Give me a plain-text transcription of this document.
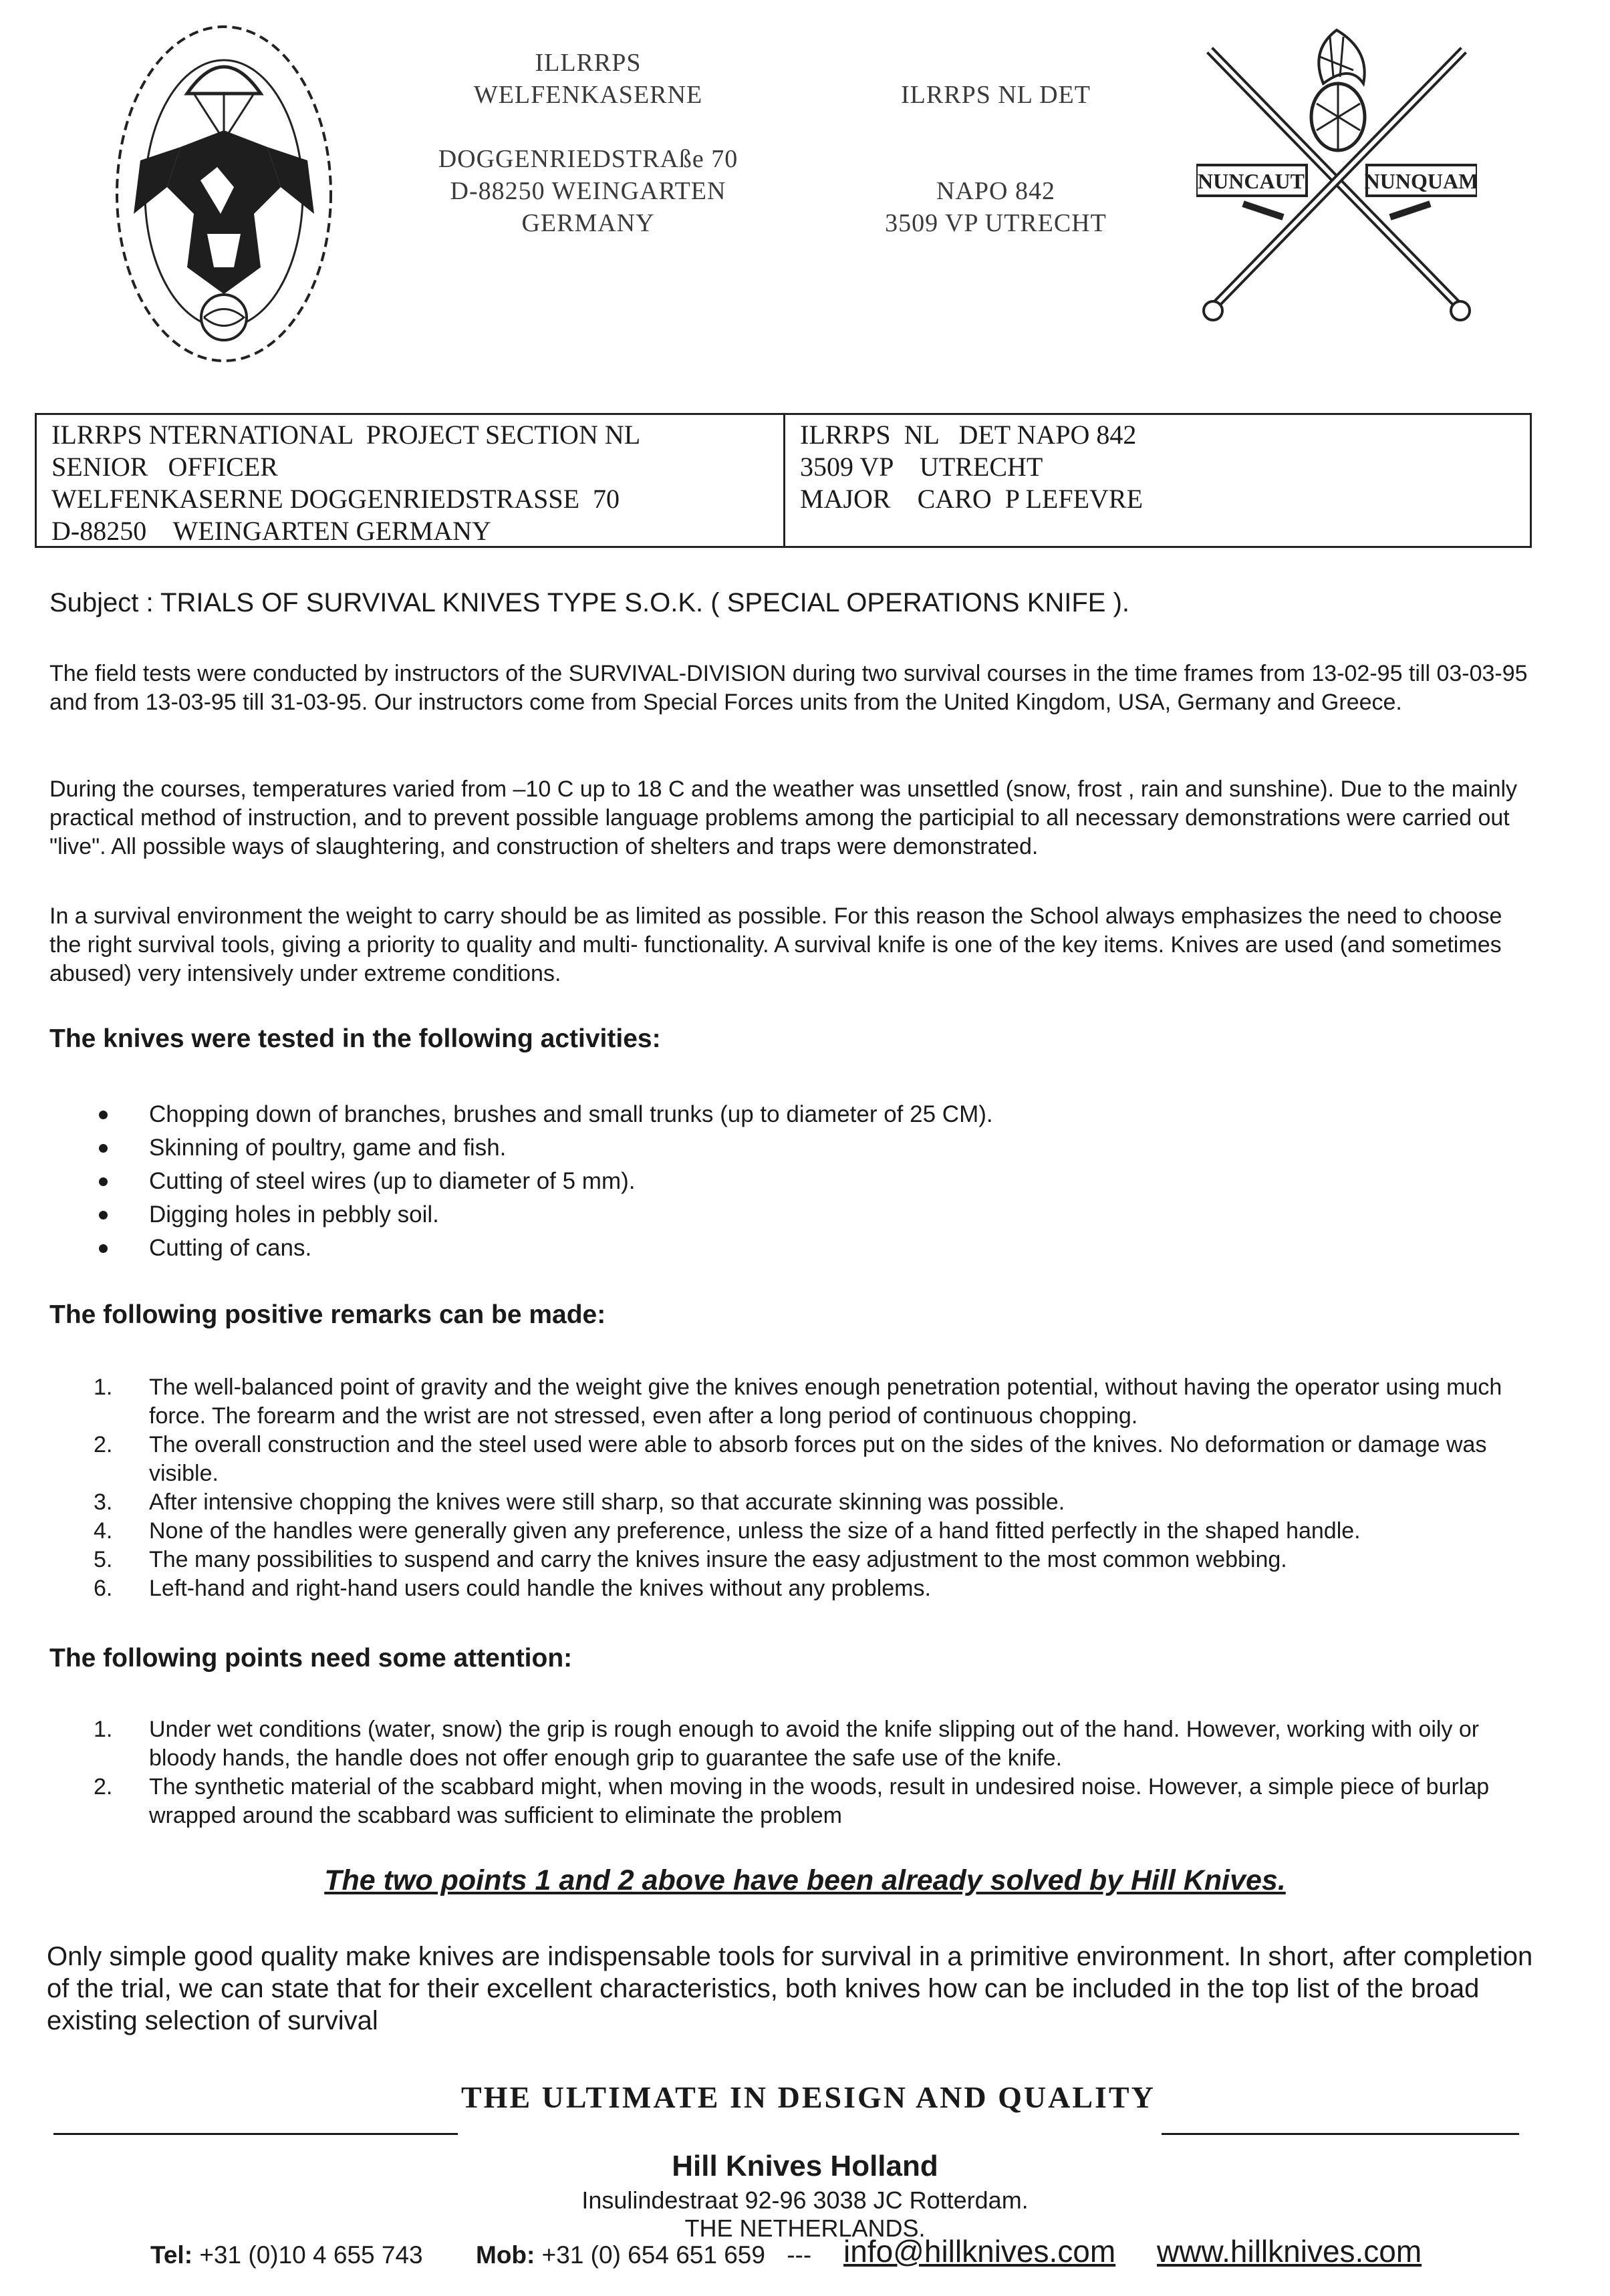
NUNCAUT	NUNQUAM
ILLRRPS
WELFENKASERNE
DOGGENRIEDSTRAße 70
D-88250 WEINGARTEN
GERMANY
ILRRPS NL DET
NAPO 842
3509 VP UTRECHT
ILRRPS NTERNATIONAL  PROJECT SECTION NL
SENIOR   OFFICER
WELFENKASERNE DOGGENRIEDSTRASSE  70
D-88250    WEINGARTEN GERMANY
ILRRPS  NL   DET NAPO 842
3509 VP    UTRECHT
MAJOR    CARO  P LEFEVRE
Subject : TRIALS OF SURVIVAL KNIVES TYPE S.O.K. ( SPECIAL OPERATIONS KNIFE ).
The field tests were conducted by instructors of the SURVIVAL-DIVISION during two survival courses in the time frames from 13-02-95 till 03-03-95 and from 13-03-95 till 31-03-95. Our instructors come from Special Forces units from the United Kingdom, USA, Germany and Greece.
During the courses, temperatures varied from –10 C up to 18 C and the weather was unsettled (snow, frost , rain and sunshine). Due to the mainly practical method of instruction, and to prevent possible language problems among the participial to all necessary demonstrations were carried out "live". All possible ways of slaughtering, and construction of shelters and traps were demonstrated.
In a survival environment the weight to carry should be as limited as possible. For this reason the School always emphasizes the need to choose the right survival tools, giving a priority to quality and multi- functionality. A survival knife is one of the key items. Knives are used (and sometimes abused) very intensively under extreme conditions.
The knives were tested in the following activities:
Chopping down of branches, brushes and small trunks (up to diameter of 25 CM).
Skinning of poultry, game and fish.
Cutting of steel wires (up to diameter of 5 mm).
Digging holes in pebbly soil.
Cutting of cans.
The following positive remarks can be made:
1.	The well-balanced point of gravity and the weight give the knives enough penetration potential, without having the operator using much force. The forearm and the wrist are not stressed, even after a long period of continuous chopping.
2.	The overall construction and the steel used were able to absorb forces put on the sides of the knives. No deformation or damage was visible.
3.	After intensive chopping the knives were still sharp, so that accurate skinning was possible.
4.	None of the handles were generally given any preference, unless the size of a hand fitted perfectly in the shaped handle.
5.	The many possibilities to suspend and carry the knives insure the easy adjustment to the most common webbing.
6.	Left-hand and right-hand users could handle the knives without any problems.
The following points need some attention:
1.	Under wet conditions (water, snow) the grip is rough enough to avoid the knife slipping out of the hand. However, working with oily or bloody hands, the handle does not offer enough grip to guarantee the safe use of the knife.
2.	The synthetic material of the scabbard might, when moving in the woods, result in undesired noise. However, a simple piece of burlap wrapped around the scabbard was sufficient to eliminate the problem
The two points 1 and 2 above have been already solved by Hill Knives.
Only simple good quality make knives are indispensable tools for survival in a primitive environment. In short, after completion of the trial, we can state that for their excellent characteristics, both knives how can be included in the top list of the broad existing selection of survival
THE ULTIMATE IN DESIGN AND QUALITY
Hill Knives Holland
Insulindestraat 92-96 3038 JC Rotterdam.
THE NETHERLANDS.
Tel: +31 (0)10 4 655 743 Mob: +31 (0) 654 651 659 --- info@hillknives.com www.hillknives.com
